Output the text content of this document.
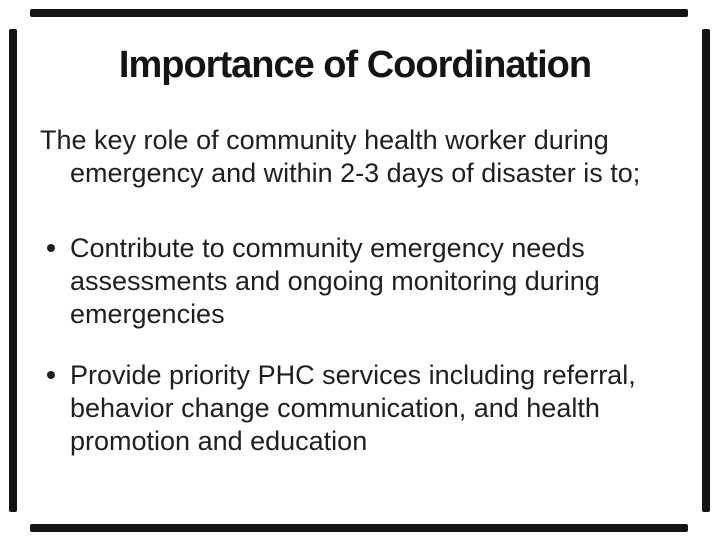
Importance of Coordination

The key role of community health worker during emergency and within 2-3 days of disaster is to;

Contribute to community emergency needs assessments and ongoing monitoring during emergencies
Provide priority PHC services including referral, behavior change communication, and health promotion and education
